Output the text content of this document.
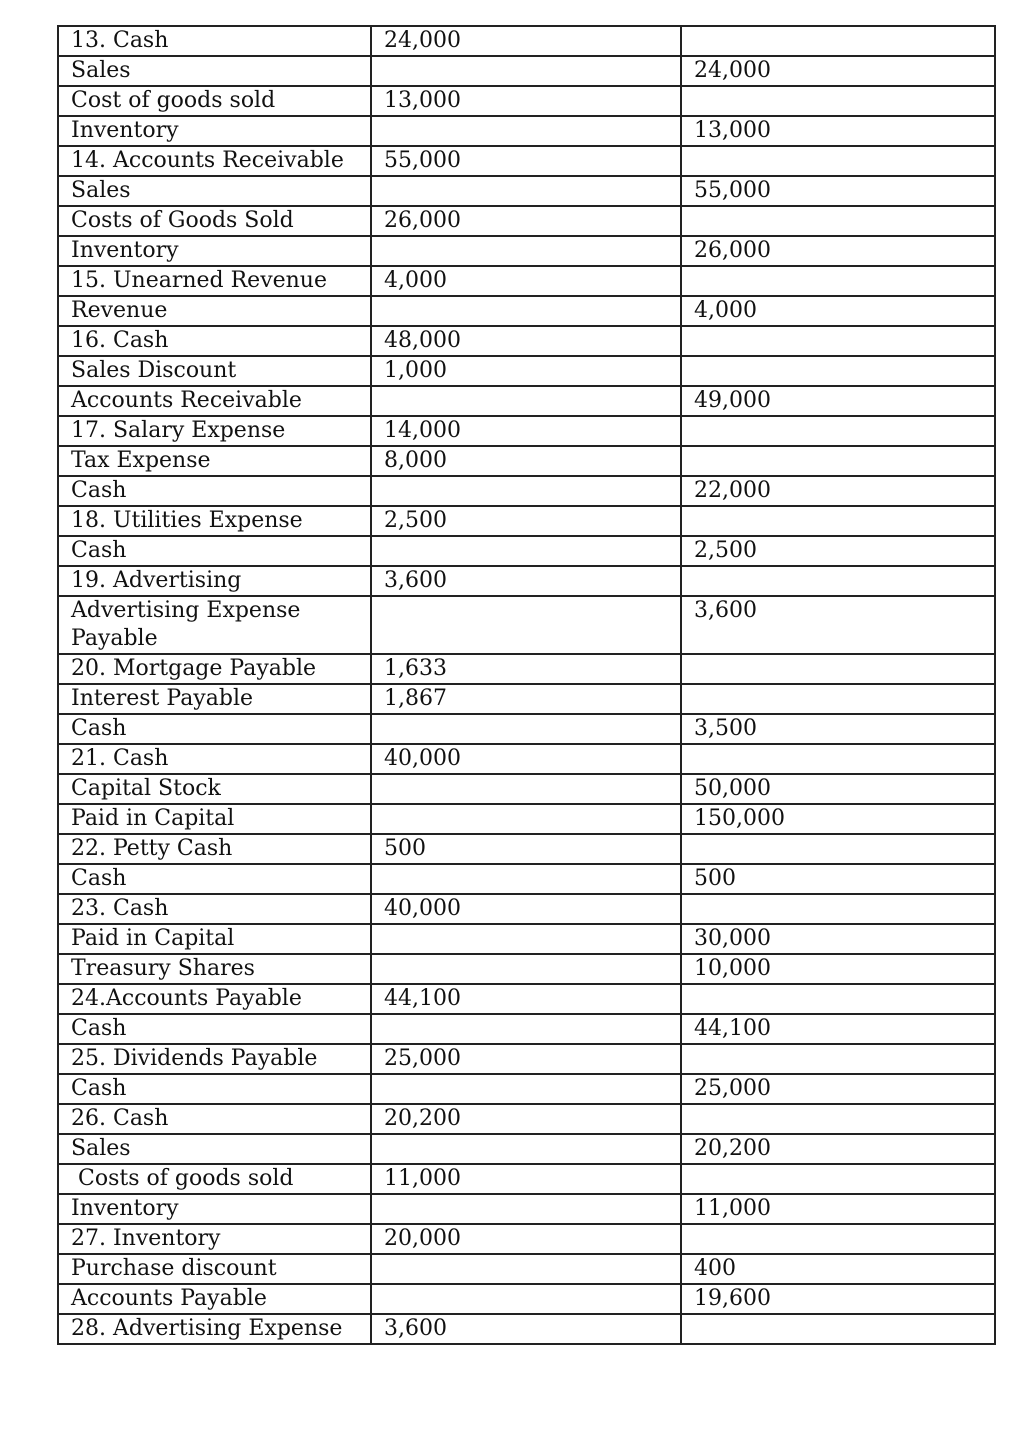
13. Cash	24,000	
Sales		24,000
Cost of goods sold	13,000	
Inventory		13,000
14. Accounts Receivable	55,000	
Sales		55,000
Costs of Goods Sold	26,000	
Inventory		26,000
15. Unearned Revenue	4,000	
Revenue		4,000
16. Cash	48,000	
Sales Discount	1,000	
Accounts Receivable		49,000
17. Salary Expense	14,000	
Tax Expense	8,000	
Cash		22,000
18. Utilities Expense	2,500	
Cash		2,500
19. Advertising	3,600	
Advertising Expense
Payable		3,600
20. Mortgage Payable	1,633	
Interest Payable	1,867	
Cash		3,500
21. Cash	40,000	
Capital Stock		50,000
Paid in Capital		150,000
22. Petty Cash	500	
Cash		500
23. Cash	40,000	
Paid in Capital		30,000
Treasury Shares		10,000
24.Accounts Payable	44,100	
Cash		44,100
25. Dividends Payable	25,000	
Cash		25,000
26. Cash	20,200	
Sales		20,200
Costs of goods sold	11,000	
Inventory		11,000
27. Inventory	20,000	
Purchase discount		400
Accounts Payable		19,600
28. Advertising Expense	3,600	
